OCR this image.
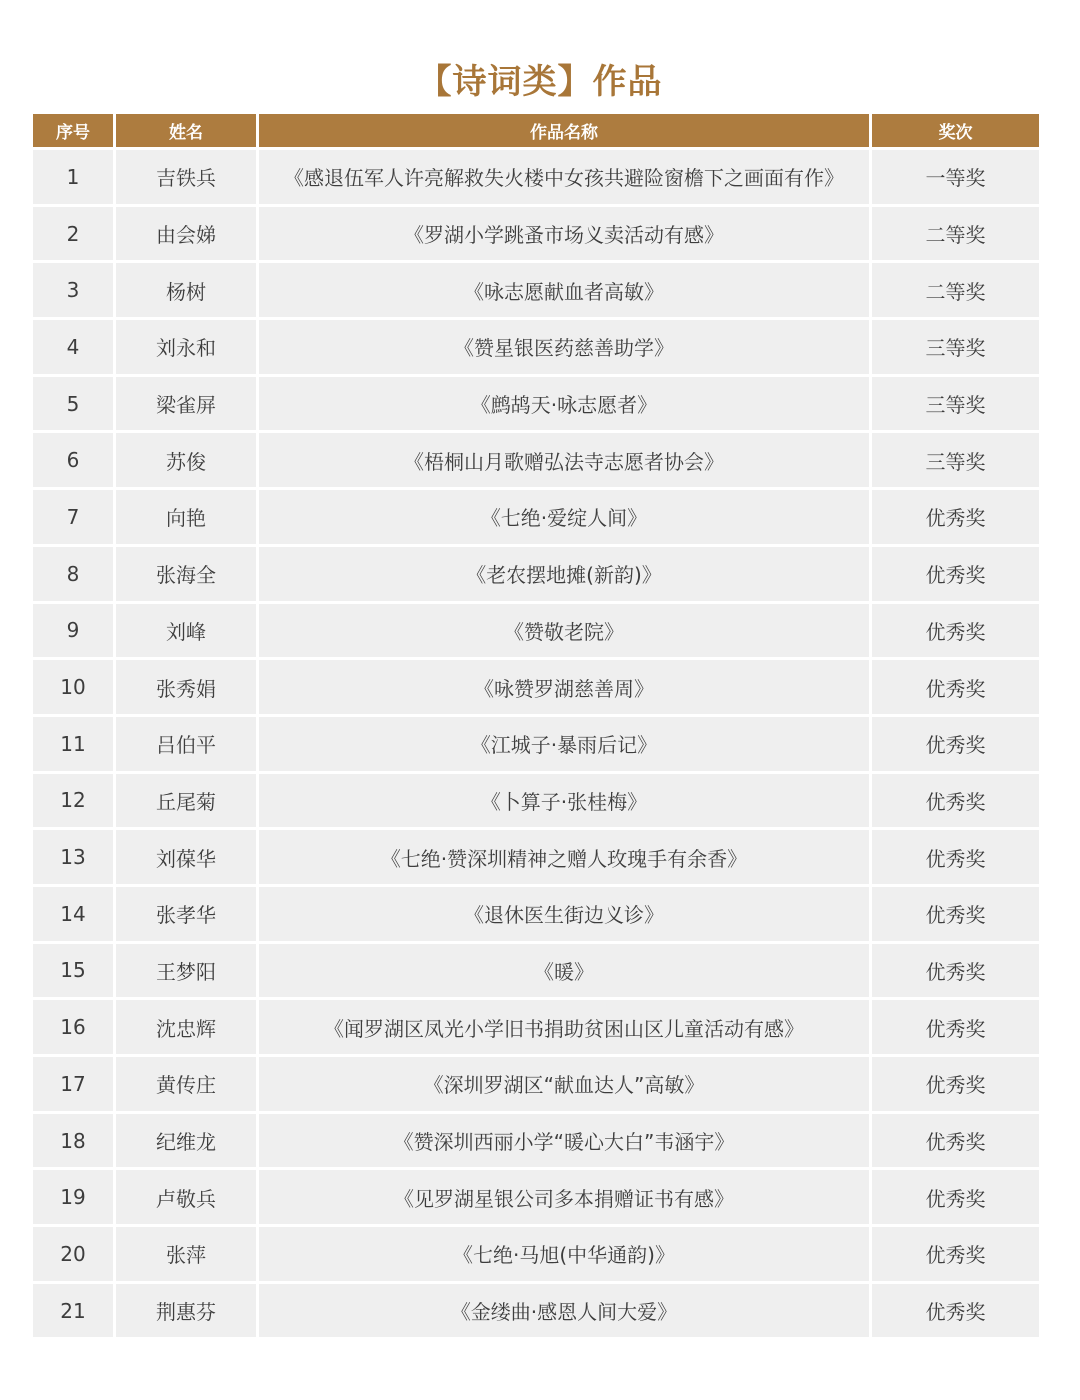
【诗词类】作品
序号	姓名	作品名称	奖次
1	吉铁兵	《感退伍军人许亮解救失火楼中女孩共避险窗檐下之画面有作》	一等奖
2	由会娣	《罗湖小学跳蚤市场义卖活动有感》	二等奖
3	杨树	《咏志愿献血者高敏》	二等奖
4	刘永和	《赞星银医药慈善助学》	三等奖
5	梁雀屏	《鹧鸪天·咏志愿者》	三等奖
6	苏俊	《梧桐山月歌赠弘法寺志愿者协会》	三等奖
7	向艳	《七绝·爱绽人间》	优秀奖
8	张海全	《老农摆地摊(新韵)》	优秀奖
9	刘峰	《赞敬老院》	优秀奖
10	张秀娟	《咏赞罗湖慈善周》	优秀奖
11	吕伯平	《江城子·暴雨后记》	优秀奖
12	丘尾菊	《卜算子·张桂梅》	优秀奖
13	刘葆华	《七绝·赞深圳精神之赠人玫瑰手有余香》	优秀奖
14	张孝华	《退休医生街边义诊》	优秀奖
15	王梦阳	《暖》	优秀奖
16	沈忠辉	《闻罗湖区凤光小学旧书捐助贫困山区儿童活动有感》	优秀奖
17	黄传庄	《深圳罗湖区“献血达人”高敏》	优秀奖
18	纪维龙	《赞深圳西丽小学“暖心大白”韦涵宇》	优秀奖
19	卢敬兵	《见罗湖星银公司多本捐赠证书有感》	优秀奖
20	张萍	《七绝·马旭(中华通韵)》	优秀奖
21	荆惠芬	《金缕曲·感恩人间大爱》	优秀奖
